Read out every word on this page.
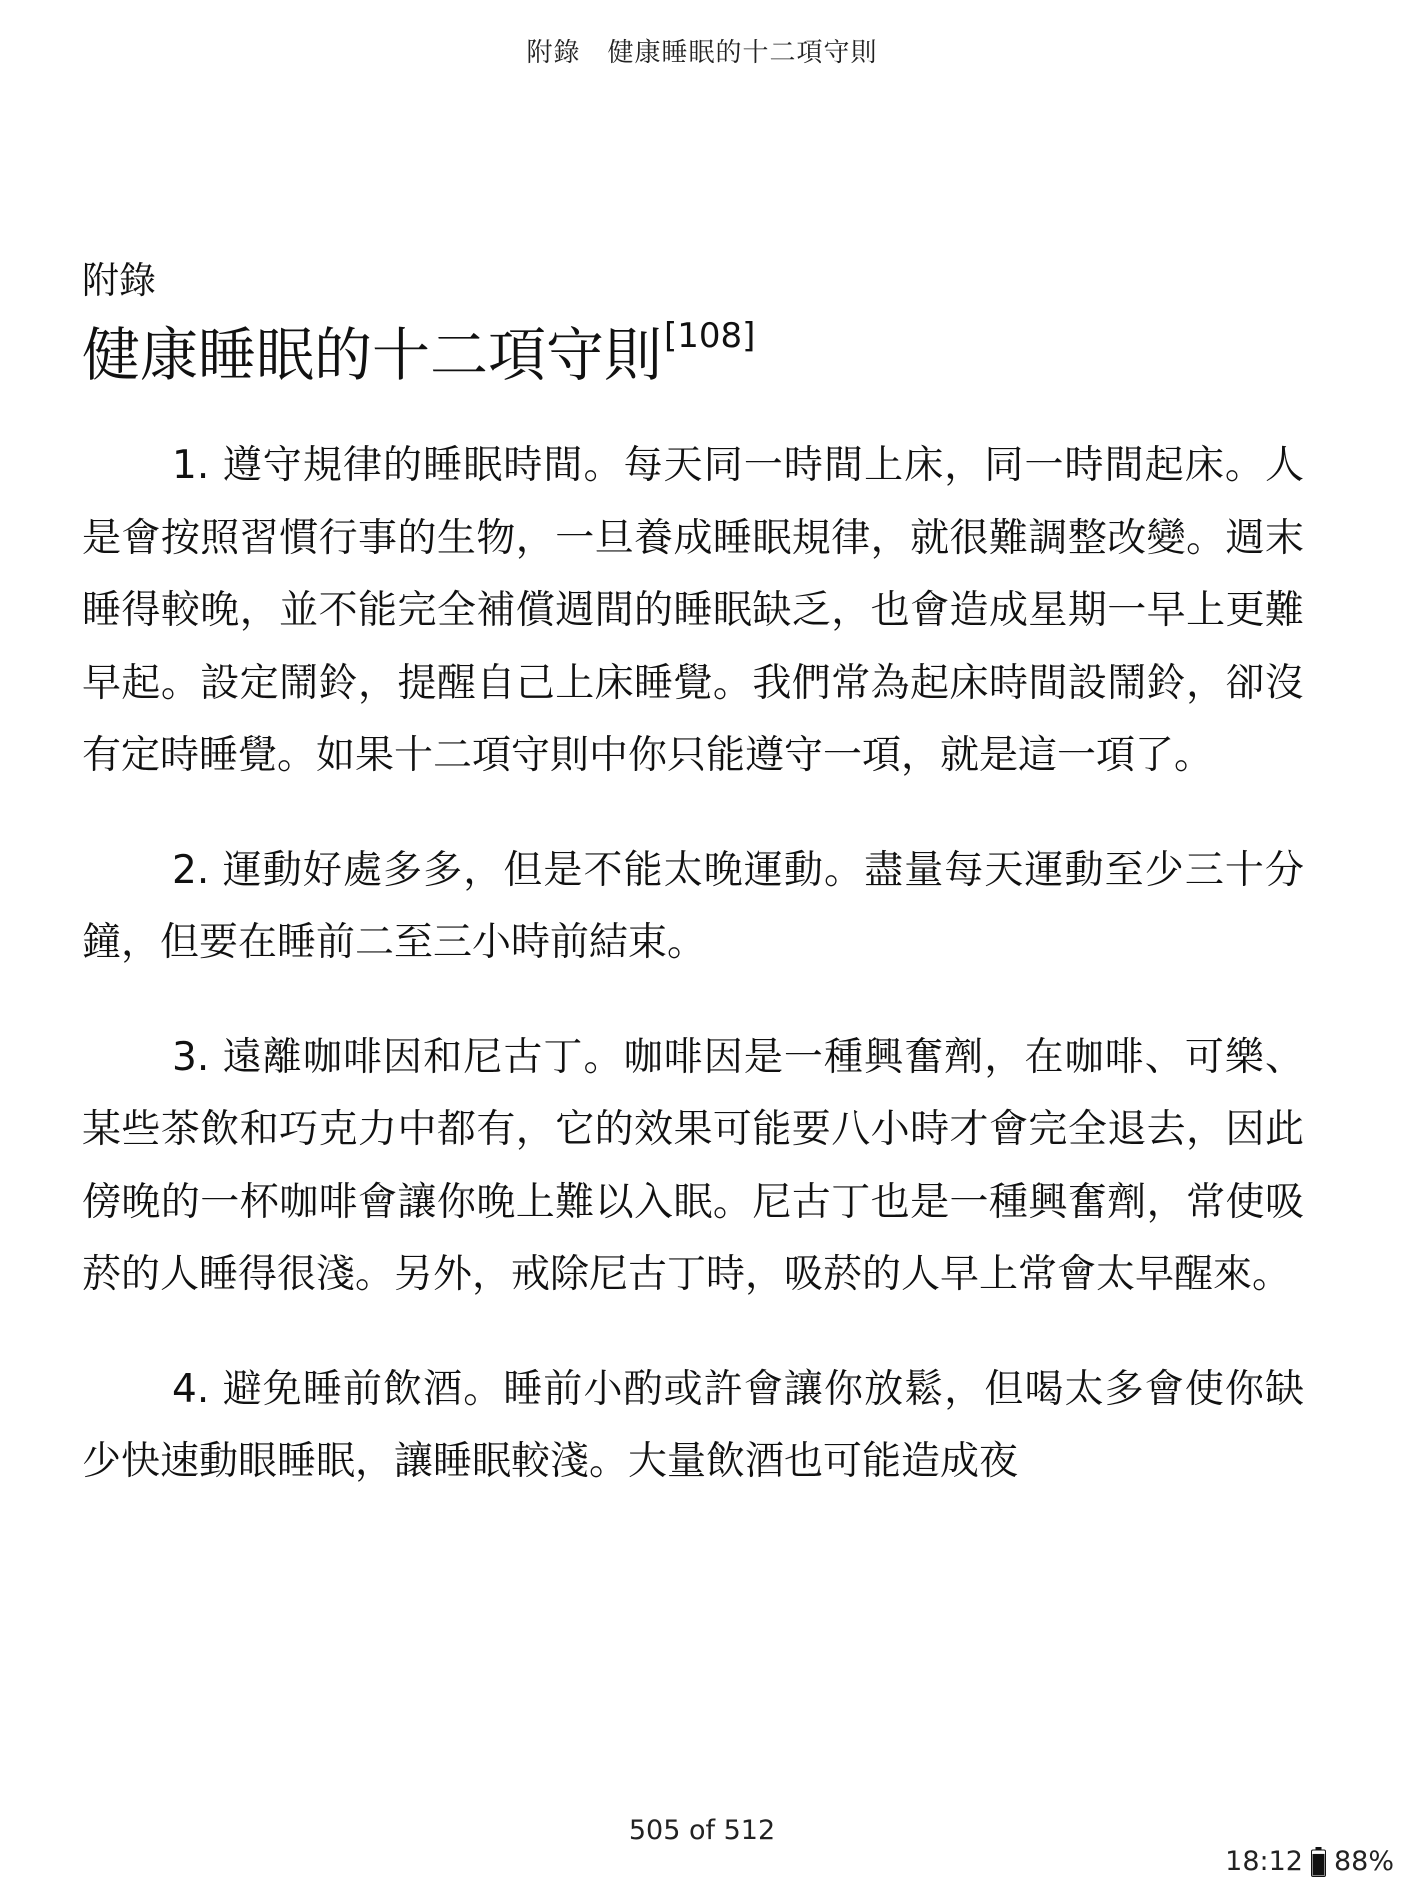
附錄　健康睡眠的十二項守則

附錄

健康睡眠的十二項守則[108]

1. 遵守規律的睡眠時間。每天同一時間上床，同一時間起床。人是會按照習慣行事的生物，一旦養成睡眠規律，就很難調整改變。週末睡得較晚，並不能完全補償週間的睡眠缺乏，也會造成星期一早上更難早起。設定鬧鈴，提醒自己上床睡覺。我們常為起床時間設鬧鈴，卻沒有定時睡覺。如果十二項守則中你只能遵守一項，就是這一項了。

2. 運動好處多多，但是不能太晚運動。盡量每天運動至少三十分鐘，但要在睡前二至三小時前結束。

3. 遠離咖啡因和尼古丁。咖啡因是一種興奮劑，在咖啡、可樂、某些茶飲和巧克力中都有，它的效果可能要八小時才會完全退去，因此傍晚的一杯咖啡會讓你晚上難以入眠。尼古丁也是一種興奮劑，常使吸菸的人睡得很淺。另外，戒除尼古丁時，吸菸的人早上常會太早醒來。

4. 避免睡前飲酒。睡前小酌或許會讓你放鬆，但喝太多會使你缺少快速動眼睡眠，讓睡眠較淺。大量飲酒也可能造成夜

505 of 512
18:12 88%
